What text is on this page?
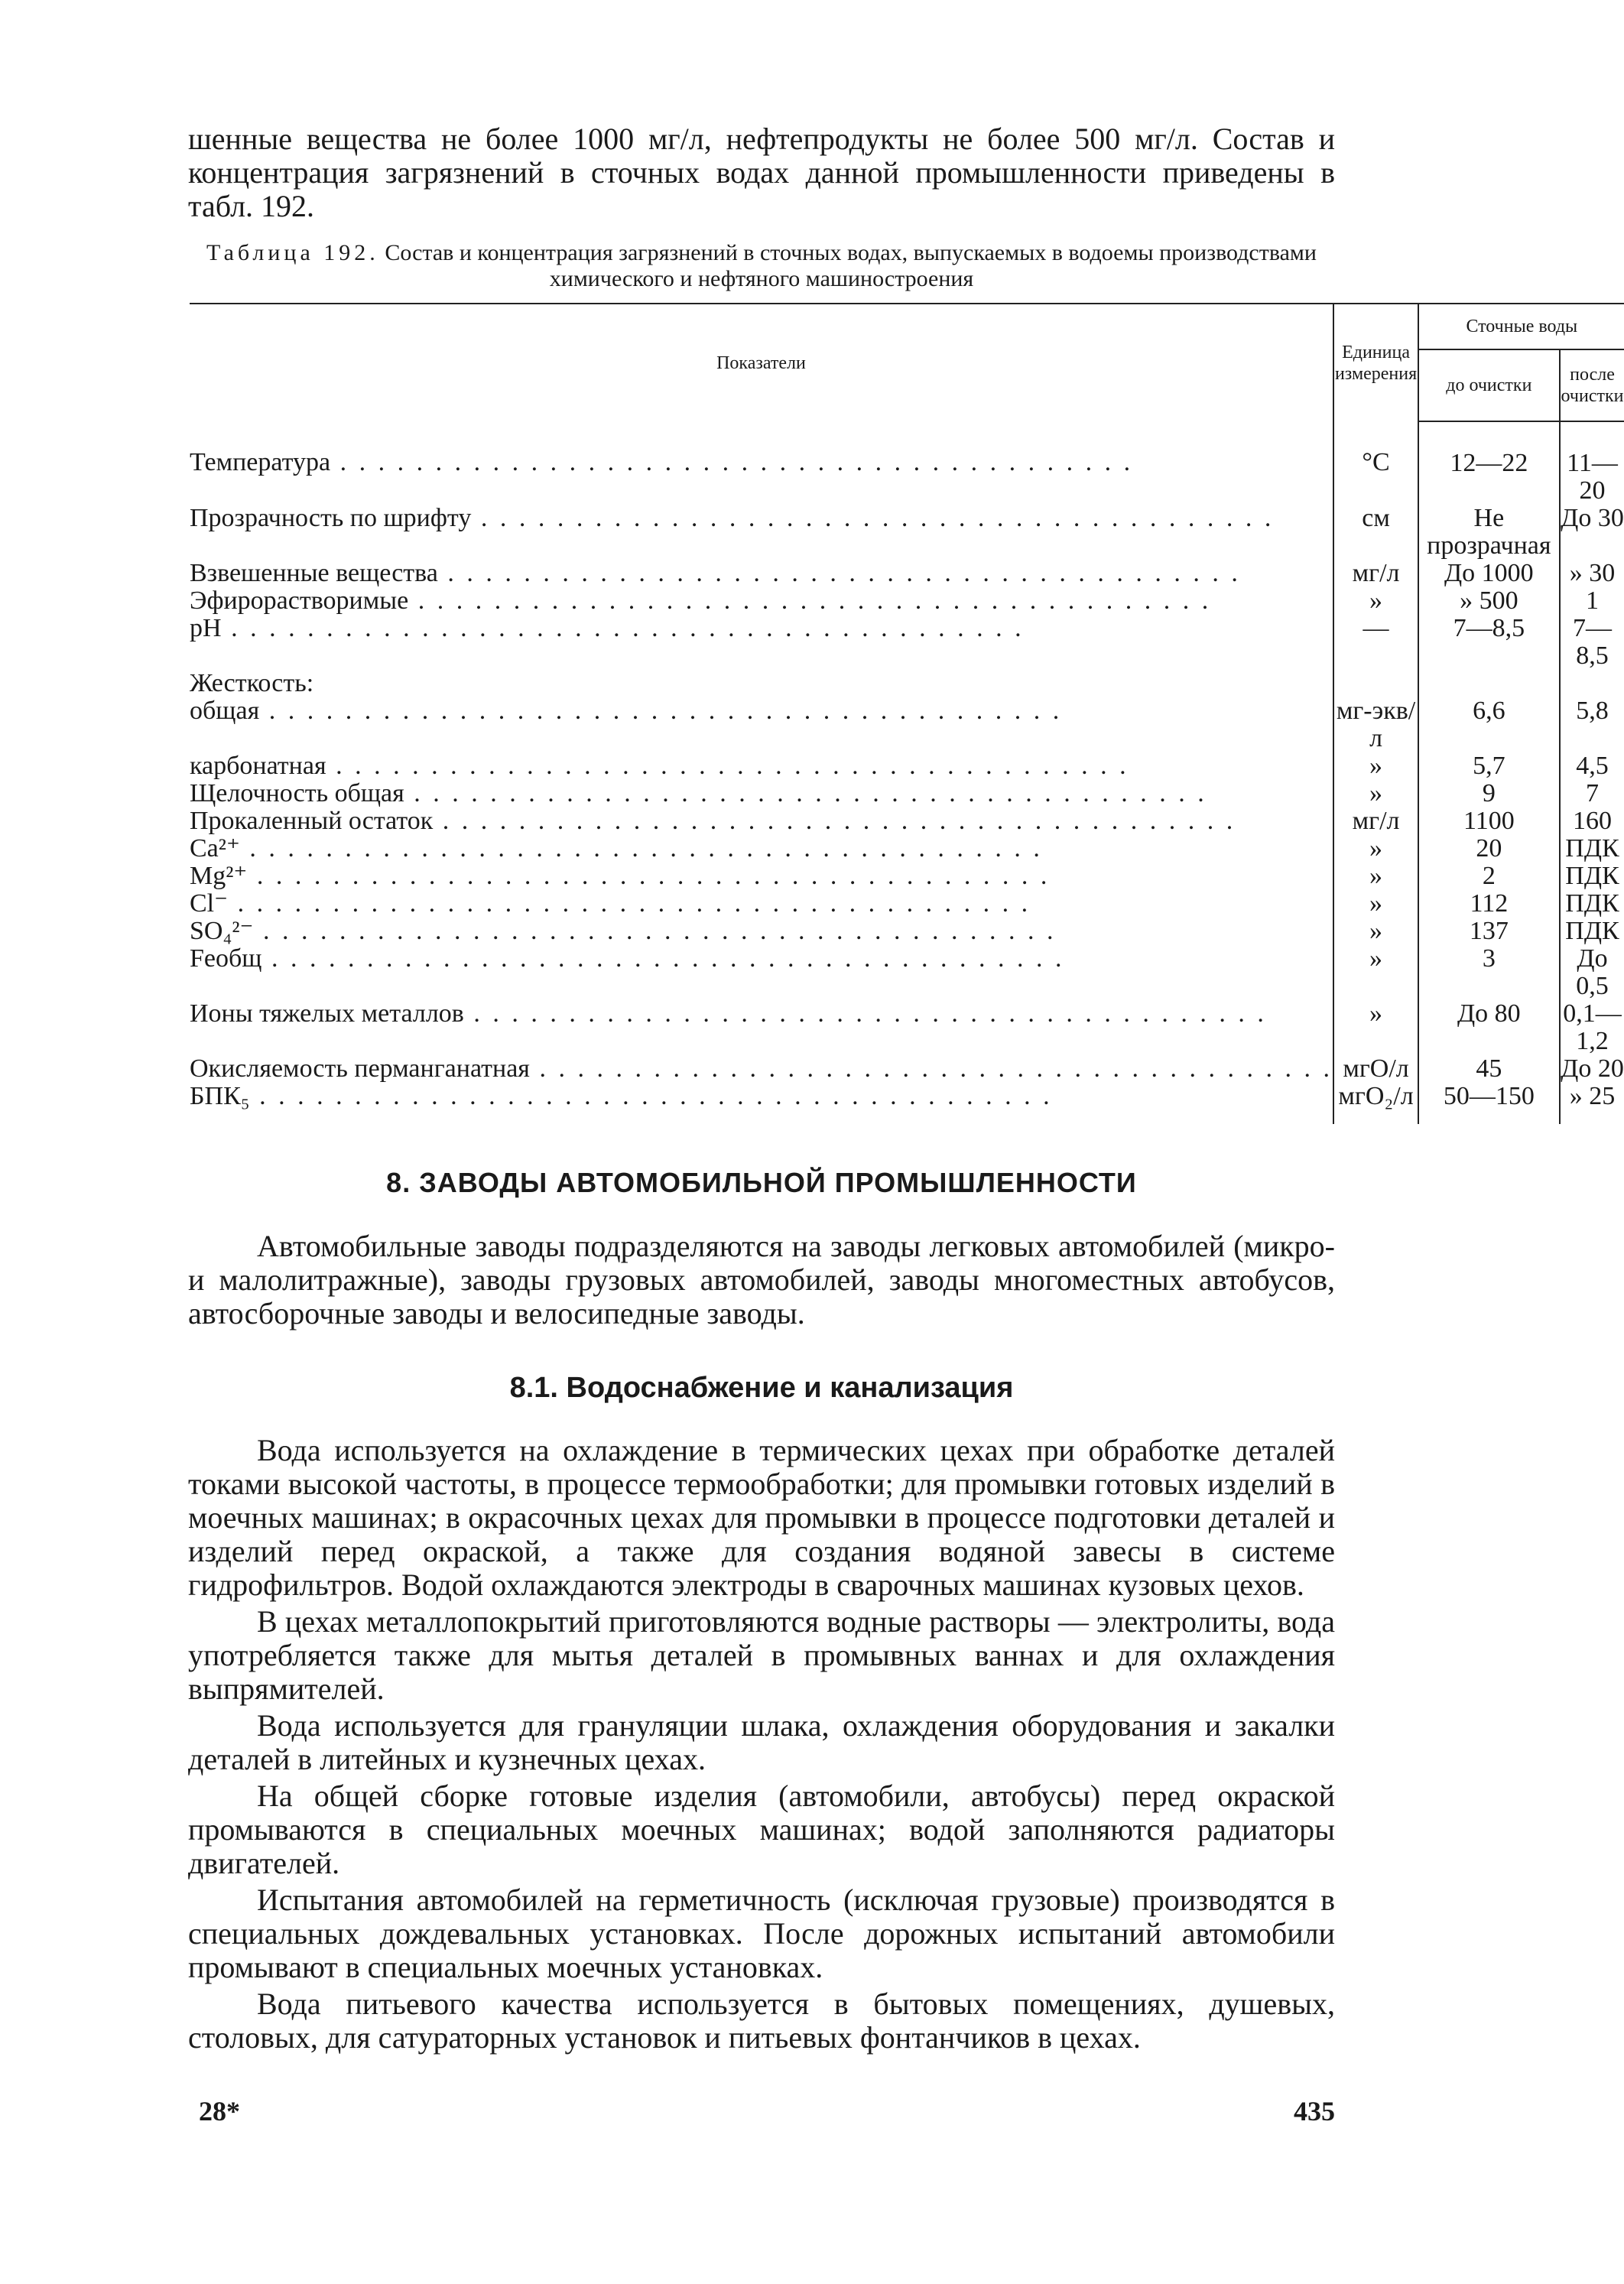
шенные вещества не более 1000 мг/л, нефтепродукты не более 500 мг/л. Состав и концентрация загрязнений в сточных водах данной промышленности приведены в табл. 192.

Таблица 192. Состав и концентрация загрязнений в сточных водах, выпускаемых в водоемы производствами химического и нефтяного машиностроения
Показатели	Единица измерения	Сточные воды	
		до очистки	после очистки
Температура . . .	°С	12—22	11—20
Прозрачность по шрифту . . .	см	Не прозрачная	До 30
Взвешенные вещества . . .	мг/л	До 1000	» 30
Эфирорастворимые . . .	»	» 500	1
pH . . .	—	7—8,5	7—8,5
Жесткость:			
общая . . .	мг-экв/л	6,6	5,8
карбонатная . . .	»	5,7	4,5
Щелочность общая . . .	»	9	7
Прокаленный остаток . . .	мг/л	1100	160
Ca²⁺ . . .	»	20	ПДК
Mg²⁺ . . .	»	2	ПДК
Cl⁻ . . .	»	112	ПДК
SO₄²⁻ . . .	»	137	ПДК
Feобщ . . .	»	3	До 0,5
Ионы тяжелых металлов . . .	»	До 80	0,1—1,2
Окисляемость перманганатная . . .	мгО/л	45	До 20
БПК₅ . . .	мгО₂/л	50—150	» 25
8. ЗАВОДЫ АВТОМОБИЛЬНОЙ ПРОМЫШЛЕННОСТИ

Автомобильные заводы подразделяются на заводы легковых автомобилей (микро- и малолитражные), заводы грузовых автомобилей, заводы многоместных автобусов, автосборочные заводы и велосипедные заводы.

8.1. Водоснабжение и канализация

Вода используется на охлаждение в термических цехах при обработке деталей токами высокой частоты, в процессе термообработки; для промывки готовых изделий в моечных машинах; в окрасочных цехах для промывки в процессе подготовки деталей и изделий перед окраской, а также для создания водяной завесы в системе гидрофильтров. Водой охлаждаются электроды в сварочных машинах кузовых цехов.

В цехах металлопокрытий приготовляются водные растворы — электролиты, вода употребляется также для мытья деталей в промывных ваннах и для охлаждения выпрямителей.

Вода используется для грануляции шлака, охлаждения оборудования и закалки деталей в литейных и кузнечных цехах.

На общей сборке готовые изделия (автомобили, автобусы) перед окраской промываются в специальных моечных машинах; водой заполняются радиаторы двигателей.

Испытания автомобилей на герметичность (исключая грузовые) производятся в специальных дождевальных установках. После дорожных испытаний автомобили промывают в специальных моечных установках.

Вода питьевого качества используется в бытовых помещениях, душевых, столовых, для сатураторных установок и питьевых фонтанчиков в цехах.

28*	435
